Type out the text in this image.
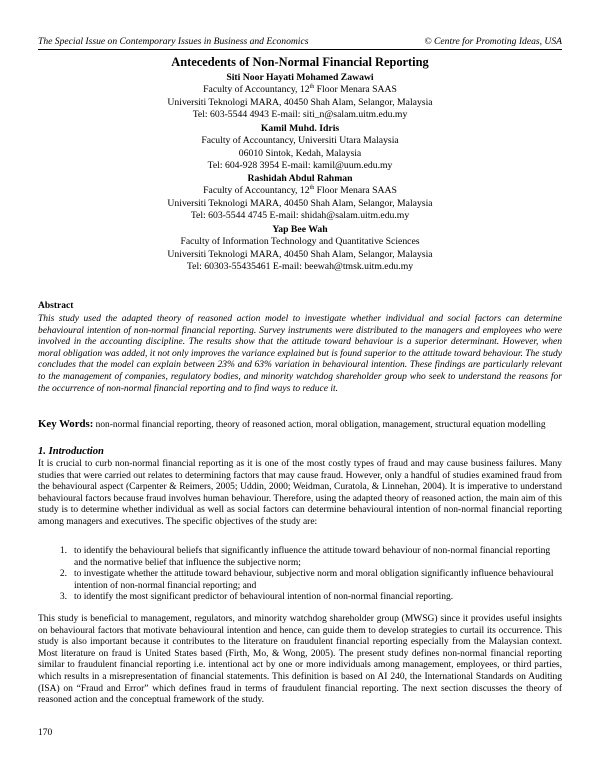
The Special Issue on Contemporary Issues in Business and Economics	© Centre for Promoting Ideas, USA
Antecedents of Non-Normal Financial Reporting
Siti Noor Hayati Mohamed Zawawi
Faculty of Accountancy, 12th Floor Menara SAAS
Universiti Teknologi MARA, 40450 Shah Alam, Selangor, Malaysia
Tel: 603-5544 4943 E-mail: siti_n@salam.uitm.edu.my
Kamil Muhd. Idris
Faculty of Accountancy, Universiti Utara Malaysia
06010 Sintok, Kedah, Malaysia
Tel: 604-928 3954 E-mail: kamil@uum.edu.my
Rashidah Abdul Rahman
Faculty of Accountancy, 12th Floor Menara SAAS
Universiti Teknologi MARA, 40450 Shah Alam, Selangor, Malaysia
Tel: 603-5544 4745 E-mail: shidah@salam.uitm.edu.my
Yap Bee Wah
Faculty of Information Technology and Quantitative Sciences
Universiti Teknologi MARA, 40450 Shah Alam, Selangor, Malaysia
Tel: 60303-55435461 E-mail: beewah@tmsk.uitm.edu.my
Abstract
This study used the adapted theory of reasoned action model to investigate whether individual and social factors can determine behavioural intention of non-normal financial reporting. Survey instruments were distributed to the managers and employees who were involved in the accounting discipline. The results show that the attitude toward behaviour is a superior determinant. However, when moral obligation was added, it not only improves the variance explained but is found superior to the attitude toward behaviour. The study concludes that the model can explain between 23% and 63% variation in behavioural intention. These findings are particularly relevant to the management of companies, regulatory bodies, and minority watchdog shareholder group who seek to understand the reasons for the occurrence of non-normal financial reporting and to find ways to reduce it.
Key Words: non-normal financial reporting, theory of reasoned action, moral obligation, management, structural equation modelling
1. Introduction
It is crucial to curb non-normal financial reporting as it is one of the most costly types of fraud and may cause business failures. Many studies that were carried out relates to determining factors that may cause fraud. However, only a handful of studies examined fraud from the behavioural aspect (Carpenter & Reimers, 2005; Uddin, 2000; Weidman, Curatola, & Linnehan, 2004). It is imperative to understand behavioural factors because fraud involves human behaviour. Therefore, using the adapted theory of reasoned action, the main aim of this study is to determine whether individual as well as social factors can determine behavioural intention of non-normal financial reporting among managers and executives. The specific objectives of the study are:
1. to identify the behavioural beliefs that significantly influence the attitude toward behaviour of non-normal financial reporting and the normative belief that influence the subjective norm;
2. to investigate whether the attitude toward behaviour, subjective norm and moral obligation significantly influence behavioural intention of non-normal financial reporting; and
3. to identify the most significant predictor of behavioural intention of non-normal financial reporting.
This study is beneficial to management, regulators, and minority watchdog shareholder group (MWSG) since it provides useful insights on behavioural factors that motivate behavioural intention and hence, can guide them to develop strategies to curtail its occurrence. This study is also important because it contributes to the literature on fraudulent financial reporting especially from the Malaysian context. Most literature on fraud is United States based (Firth, Mo, & Wong, 2005). The present study defines non-normal financial reporting similar to fraudulent financial reporting i.e. intentional act by one or more individuals among management, employees, or third parties, which results in a misrepresentation of financial statements. This definition is based on AI 240, the International Standards on Auditing (ISA) on “Fraud and Error” which defines fraud in terms of fraudulent financial reporting. The next section discusses the theory of reasoned action and the conceptual framework of the study.
170
